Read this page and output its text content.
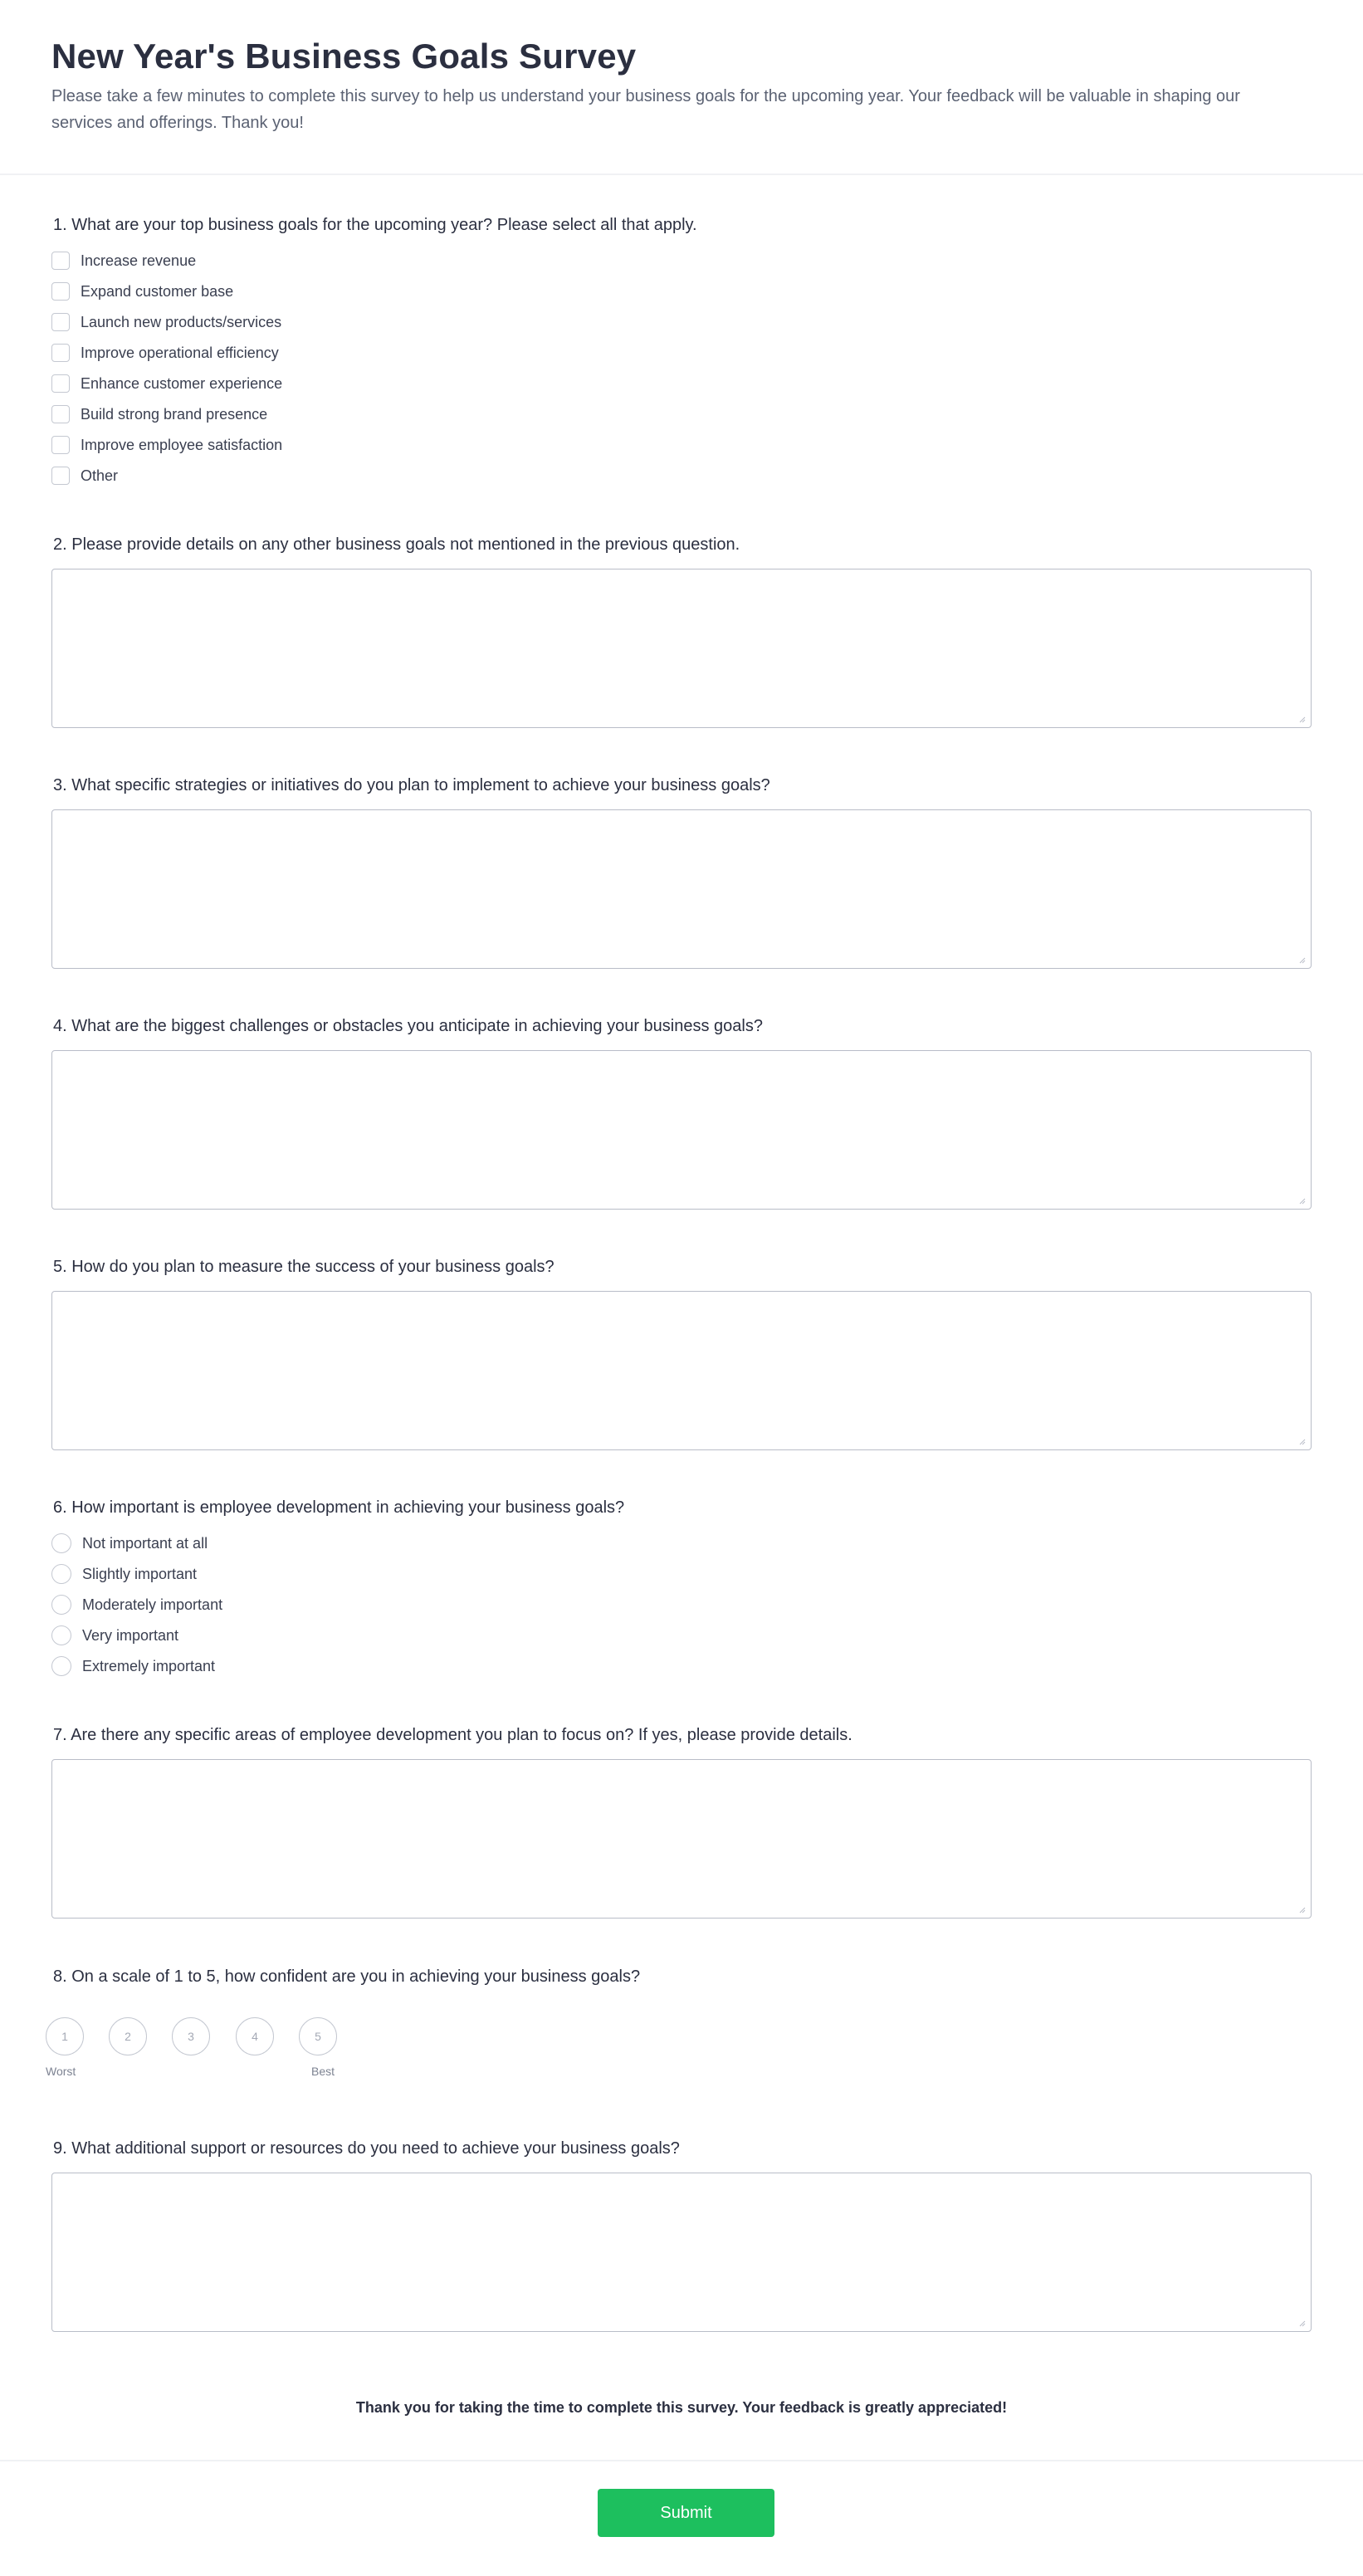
New Year's Business Goals Survey

Please take a few minutes to complete this survey to help us understand your business goals for the upcoming year. Your feedback will be valuable in shaping our services and offerings. Thank you!

1. What are your top business goals for the upcoming year? Please select all that apply.

Increase revenue
Expand customer base
Launch new products/services
Improve operational efficiency
Enhance customer experience
Build strong brand presence
Improve employee satisfaction
Other

2. Please provide details on any other business goals not mentioned in the previous question.

3. What specific strategies or initiatives do you plan to implement to achieve your business goals?

4. What are the biggest challenges or obstacles you anticipate in achieving your business goals?

5. How do you plan to measure the success of your business goals?

6. How important is employee development in achieving your business goals?

Not important at all
Slightly important
Moderately important
Very important
Extremely important

7. Are there any specific areas of employee development you plan to focus on? If yes, please provide details.

8. On a scale of 1 to 5, how confident are you in achieving your business goals?

1	2	3	4	5
Worst	Best

9. What additional support or resources do you need to achieve your business goals?

Thank you for taking the time to complete this survey. Your feedback is greatly appreciated!

Submit
